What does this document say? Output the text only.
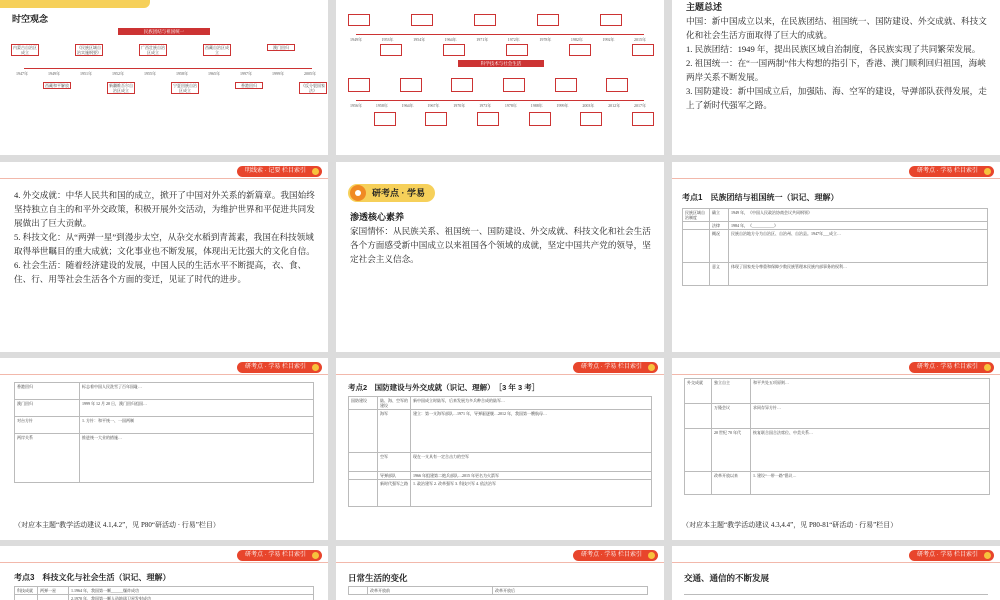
时空观念
民族团结与祖国统一
1947年
内蒙古自治区成立
1949年
西藏和平解放
1951年
《民族区域自治实施纲要》
1952年
新疆维吾尔自治区成立
1955年
广西壮族自治区成立
1958年
宁夏回族自治区成立
1965年
西藏自治区成立
1997年
香港回归
1999年
澳门回归
2005年
《反分裂国家法》
科学技术与社会生活
1949年	1953年	1954年	1964年	1971年	1972年	1978年	1982年	1992年	2015年
1956年	1958年	1964年	1967年	1970年	1973年	1978年	1988年	1999年	2003年	2012年	2017年

主题总述

中国：新中国成立以来，在民族团结、祖国统一、国防建设、外交成就、科技文化和社会生活方面取得了巨大的成就。

1. 民族团结：1949 年，提出民族区域自治制度，各民族实现了共同繁荣发展。

2. 祖国统一：在“一国两制”伟大构想的指引下，香港、澳门顺利回归祖国，海峡两岸关系不断发展。

3. 国防建设：新中国成立后，加强陆、海、空军的建设，导弹部队获得发展，走上了新时代强军之路。

明线索 · 记要 栏目索引

4. 外交成就：中华人民共和国的成立，掀开了中国对外关系的新篇章。我国始终坚持独立自主的和平外交政策，积极开展外交活动，为维护世界和平促进共同发展做出了巨大贡献。

5. 科技文化：从“两弹一星”到漫步太空，从杂交水稻到青蒿素，我国在科技领域取得举世瞩目的重大成就；文化事业也不断发展，体现出无比强大的文化自信。

6. 社会生活：随着经济建设的发展，中国人民的生活水平不断提高，衣、食、住、行、用等社会生活各个方面的变迁，见证了时代的进步。

研考点 · 学易

渗透核心素养

家国情怀：从民族关系、祖国统一、国防建设、外交成就、科技文化和社会生活各个方面感受新中国成立以来祖国各个领域的成就，坚定中国共产党的领导，坚定社会主义信念。

研考点 · 学易 栏目索引
考点1　民族团结与祖国统一（识记、理解）
民族区域自治制度	确立	1949 年，《中国人民政治协商会议共同纲领》
	法律	1984 年，《___________》
	概况	民族自治地方分为自治区、自治州、自治县。1947年___成立…
	意义	体现了国家充分尊重和保障少数民族管理本民族内部事务的权利…
研考点 · 学易 栏目索引
香港回归	标志着中国人民洗雪了百年国耻…
澳门回归	1999 年 12 月 20 日，澳门回归祖国…
对台方针	1. 方针：和平统一、一国两制
两岸关系	推进统一大业的措施…
（对应本主题“教学活动建议 4.1,4.2”，见 P80“研活动 · 行易”栏目）
研考点 · 学易 栏目索引
考点2　国防建设与外交成就（识记、理解）　［3 年 3 考］
国防建设	陆、海、空军的建设	新中国成立时陆军，后来发展为多兵种合成的陆军…
	海军	建立：第一支海军部队…1971 年，导弹驱逐舰…2012 年，我国第一艘航母…
	空军	现在一支具有一定合击力的空军
	导弹部队	1966 年组建第二炮兵部队…2015 年更名为火箭军
	新时代强军之路	1. 政治建军 2. 改革强军 3. 科技兴军 4. 依法治军
研考点 · 学易 栏目索引
外交成就	独立自主	和平共处五项原则…
	万隆会议	求同存异方针…
	20 世纪 70 年代	恢复联合国合法席位、中美关系…
	改革开放以来	1. 建设“一带一路”倡议…
（对应本主题“教学活动建议 4.3,4.4”，见 P80-81“研活动 · 行易”栏目）
研考点 · 学易 栏目索引
考点3　科技文化与社会生活（识记、理解）
科技成就	两弹一星	1.1964 年，我国第一颗______爆炸成功
		2.1970 年，我国第一颗人造地球卫星发射成功
研考点 · 学易 栏目索引
日常生活的变化
	改革开放前	改革开放后
研考点 · 学易 栏目索引
交通、通信的不断发展
